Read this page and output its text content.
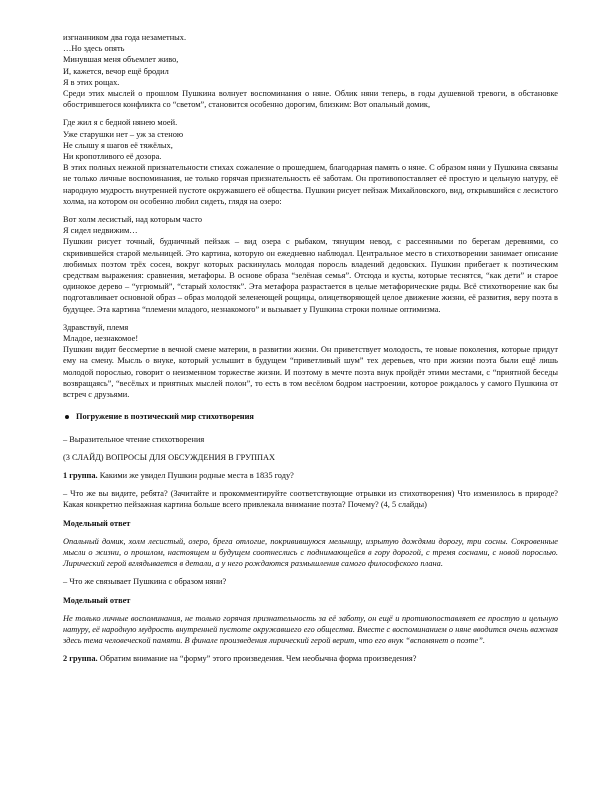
изгнанником два года незаметных.
…Но здесь опять
Минувшая меня объемлет живо,
И, кажется, вечор ещё бродил
Я в этих рощах.

Среди этих мыслей о прошлом Пушкина волнует воспоминания о няне. Облик няни теперь, в годы душевной тревоги, в обстановке обострившегося конфликта со “светом”, становится особенно дорогим, близким: Вот опальный домик,

Где жил я с бедной нянею моей.
Уже старушки нет – уж за стеною
Не слышу я шагов её тяжёлых,
Ни кропотливого её дозора.

В этих полных нежной признательности стихах сожаление о прошедшем, благодарная память о няне. С образом няни у Пушкина связаны не только личные воспоминания, не только горячая признательность её заботам. Он противопоставляет её простую и цельную натуру, её народную мудрость внутренней пустоте окружавшего её общества. Пушкин рисует пейзаж Михайловского, вид, открывшийся с лесистого холма, на котором он особенно любил сидеть, глядя на озеро:

Вот холм лесистый, над которым часто
Я сидел недвижим…

Пушкин рисует точный, будничный пейзаж – вид озера с рыбаком, тянущим невод, с рассеянными по берегам деревнями, со скривившейся старой мельницей. Это картина, которую он ежедневно наблюдал. Центральное место в стихотворении занимает описание любимых поэтом трёх сосен, вокруг которых раскинулась молодая поросль владений дедовских. Пушкин прибегает к поэтическим средствам выражения: сравнения, метафоры. В основе образа “зелёная семья”. Отсюда и кусты, которые теснятся, “как дети” и старое одинокое дерево – “угрюмый”, “старый холостяк”. Эта метафора разрастается в целые метафорические ряды. Всё стихотворение как бы подготавливает основной образ – образ молодой зеленеющей рощицы, олицетворяющей целое движение жизни, её развития, веру поэта в будущее. Эта картина “племени младого, незнакомого” и вызывает у Пушкина строки полные оптимизма.

Здравствуй, племя
Младое, незнакомое!

Пушкин видит бессмертие в вечной смене материи, в развитии жизни. Он приветствует молодость, те новые поколения, которые придут ему на смену. Мысль о внуке, который услышит в будущем “приветливый шум” тех деревьев, что при жизни поэта были ещё лишь молодой порослью, говорит о неизменном торжестве жизни. И поэтому в мечте поэта внук пройдёт этими местами, с “приятной беседы возвращаясь”, “весёлых и приятных мыслей полон”, то есть в том весёлом бодром настроении, которое рождалось у самого Пушкина от встреч с друзьями.

Погружение в поэтический мир стихотворения
– Выразительное чтение стихотворения
(3 СЛАЙД) ВОПРОСЫ ДЛЯ ОБСУЖДЕНИЯ В ГРУППАХ

1 группа. Какими же увидел Пушкин родные места в 1835 году?

– Что же вы видите, ребята? (Зачитайте и прокомментируйте соответствующие отрывки из стихотворения) Что изменилось в природе? Какая конкретно пейзажная картина больше всего привлекала внимание поэта? Почему? (4, 5 слайды)

Модельный ответ

Опальный домик, холм лесистый, озеро, брега отлогие, покривившуюся мельницу, изрытую дождями дорогу, три сосны. Сокровенные мысли о жизни, о прошлом, настоящем и будущем соотнеслись с поднимающейся в гору дорогой, с тремя соснами, с новой порослью. Лирический герой вглядывается в детали, а у него рождаются размышления самого философского плана.

– Что же связывает Пушкина с образом няни?
Модельный ответ

Не только личные воспоминания, не только горячая признательность за её заботу, он ещё и противопоставляет ее простую и цельную натуру, её народную мудрость внутренней пустоте окружавшего его общества. Вместе с воспоминанием о няне вводится очень важная здесь тема человеческой памяти. В финале произведения лирический герой верит, что его внук “вспомянет о поэте”.

2 группа. Обратим внимание на “форму” этого произведения. Чем необычна форма произведения?
